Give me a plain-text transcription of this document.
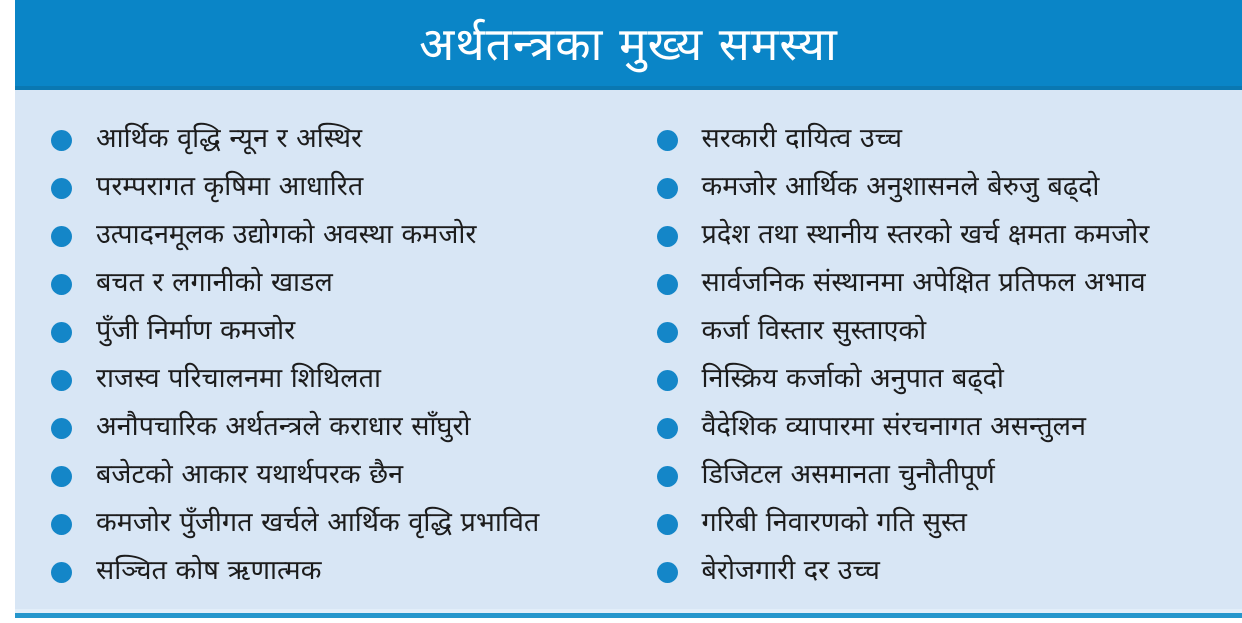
अर्थतन्त्रका मुख्य समस्या
आर्थिक वृद्धि न्यून र अस्थिर
परम्परागत कृषिमा आधारित
उत्पादनमूलक उद्योगको अवस्था कमजोर
बचत र लगानीको खाडल
पुँजी निर्माण कमजोर
राजस्व परिचालनमा शिथिलता
अनौपचारिक अर्थतन्त्रले कराधार साँघुरो
बजेटको आकार यथार्थपरक छैन
कमजोर पुँजीगत खर्चले आर्थिक वृद्धि प्रभावित
सञ्चित कोष ऋणात्मक
सरकारी दायित्व उच्च
कमजोर आर्थिक अनुशासनले बेरुजु बढ्दो
प्रदेश तथा स्थानीय स्तरको खर्च क्षमता कमजोर
सार्वजनिक संस्थानमा अपेक्षित प्रतिफल अभाव
कर्जा विस्तार सुस्ताएको
निस्क्रिय कर्जाको अनुपात बढ्दो
वैदेशिक व्यापारमा संरचनागत असन्तुलन
डिजिटल असमानता चुनौतीपूर्ण
गरिबी निवारणको गति सुस्त
बेरोजगारी दर उच्च
